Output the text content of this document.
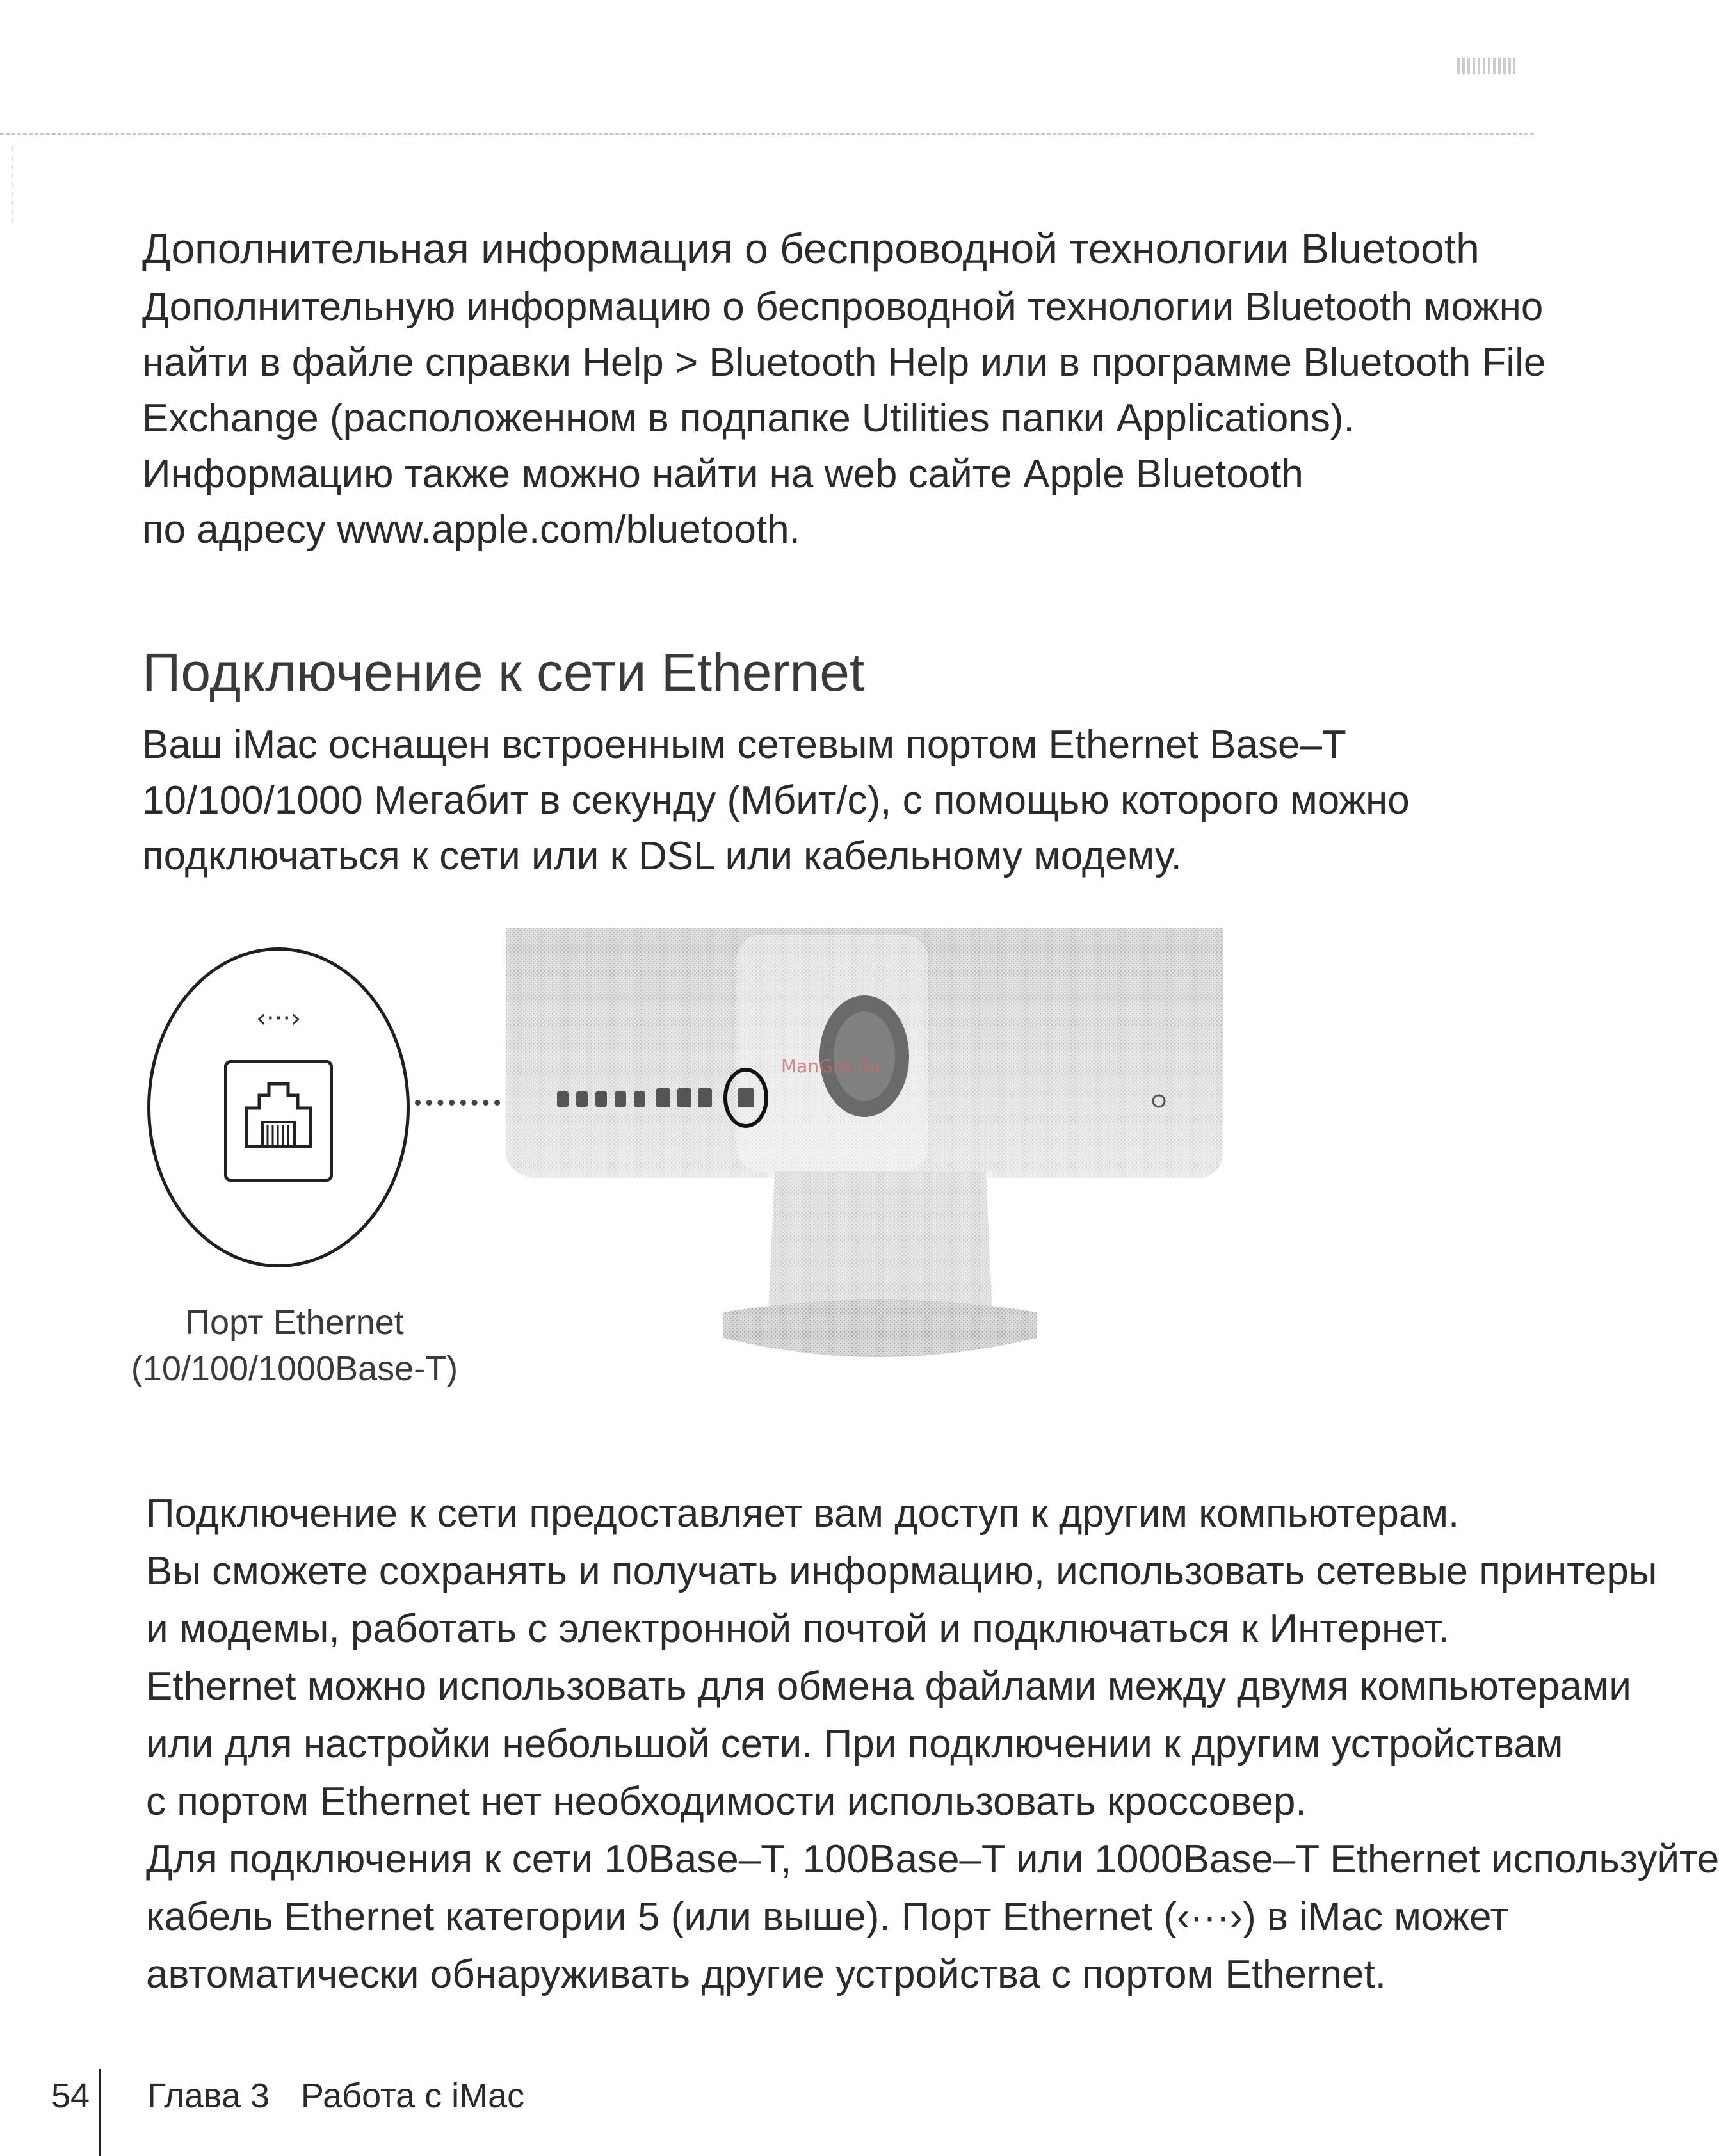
Дополнительная информация о беспроводной технологии Bluetooth
Дополнительную информацию о беспроводной технологии Bluetooth можно
найти в файле справки Help > Bluetooth Help или в программе Bluetooth File
Exchange (расположенном в подпапке Utilities папки Applications).
Информацию также можно найти на web сайте Apple Bluetooth
по адресу www.apple.com/bluetooth.
Подключение к сети Ethernet
Ваш iMac оснащен встроенным сетевым портом Ethernet Base–T
10/100/1000 Мегабит в секунду (Мбит/с), с помощью которого можно
подключаться к сети или к DSL или кабельному модему.
‹···›
ManGrp.Ru
Порт Ethernet
(10/100/1000Base-T)
Подключение к сети предоставляет вам доступ к другим компьютерам.
Вы сможете сохранять и получать информацию, использовать сетевые принтеры
и модемы, работать с электронной почтой и подключаться к Интернет.
Ethernet можно использовать для обмена файлами между двумя компьютерами
или для настройки небольшой сети. При подключении к другим устройствам
с портом Ethernet нет необходимости использовать кроссовер.
Для подключения к сети 10Base–T, 100Base–T или 1000Base–T Ethernet используйте
кабель Ethernet категории 5 (или выше). Порт Ethernet (‹···›) в iMac может
автоматически обнаруживать другие устройства с портом Ethernet.
54 Глава 3 Работа с iMac
